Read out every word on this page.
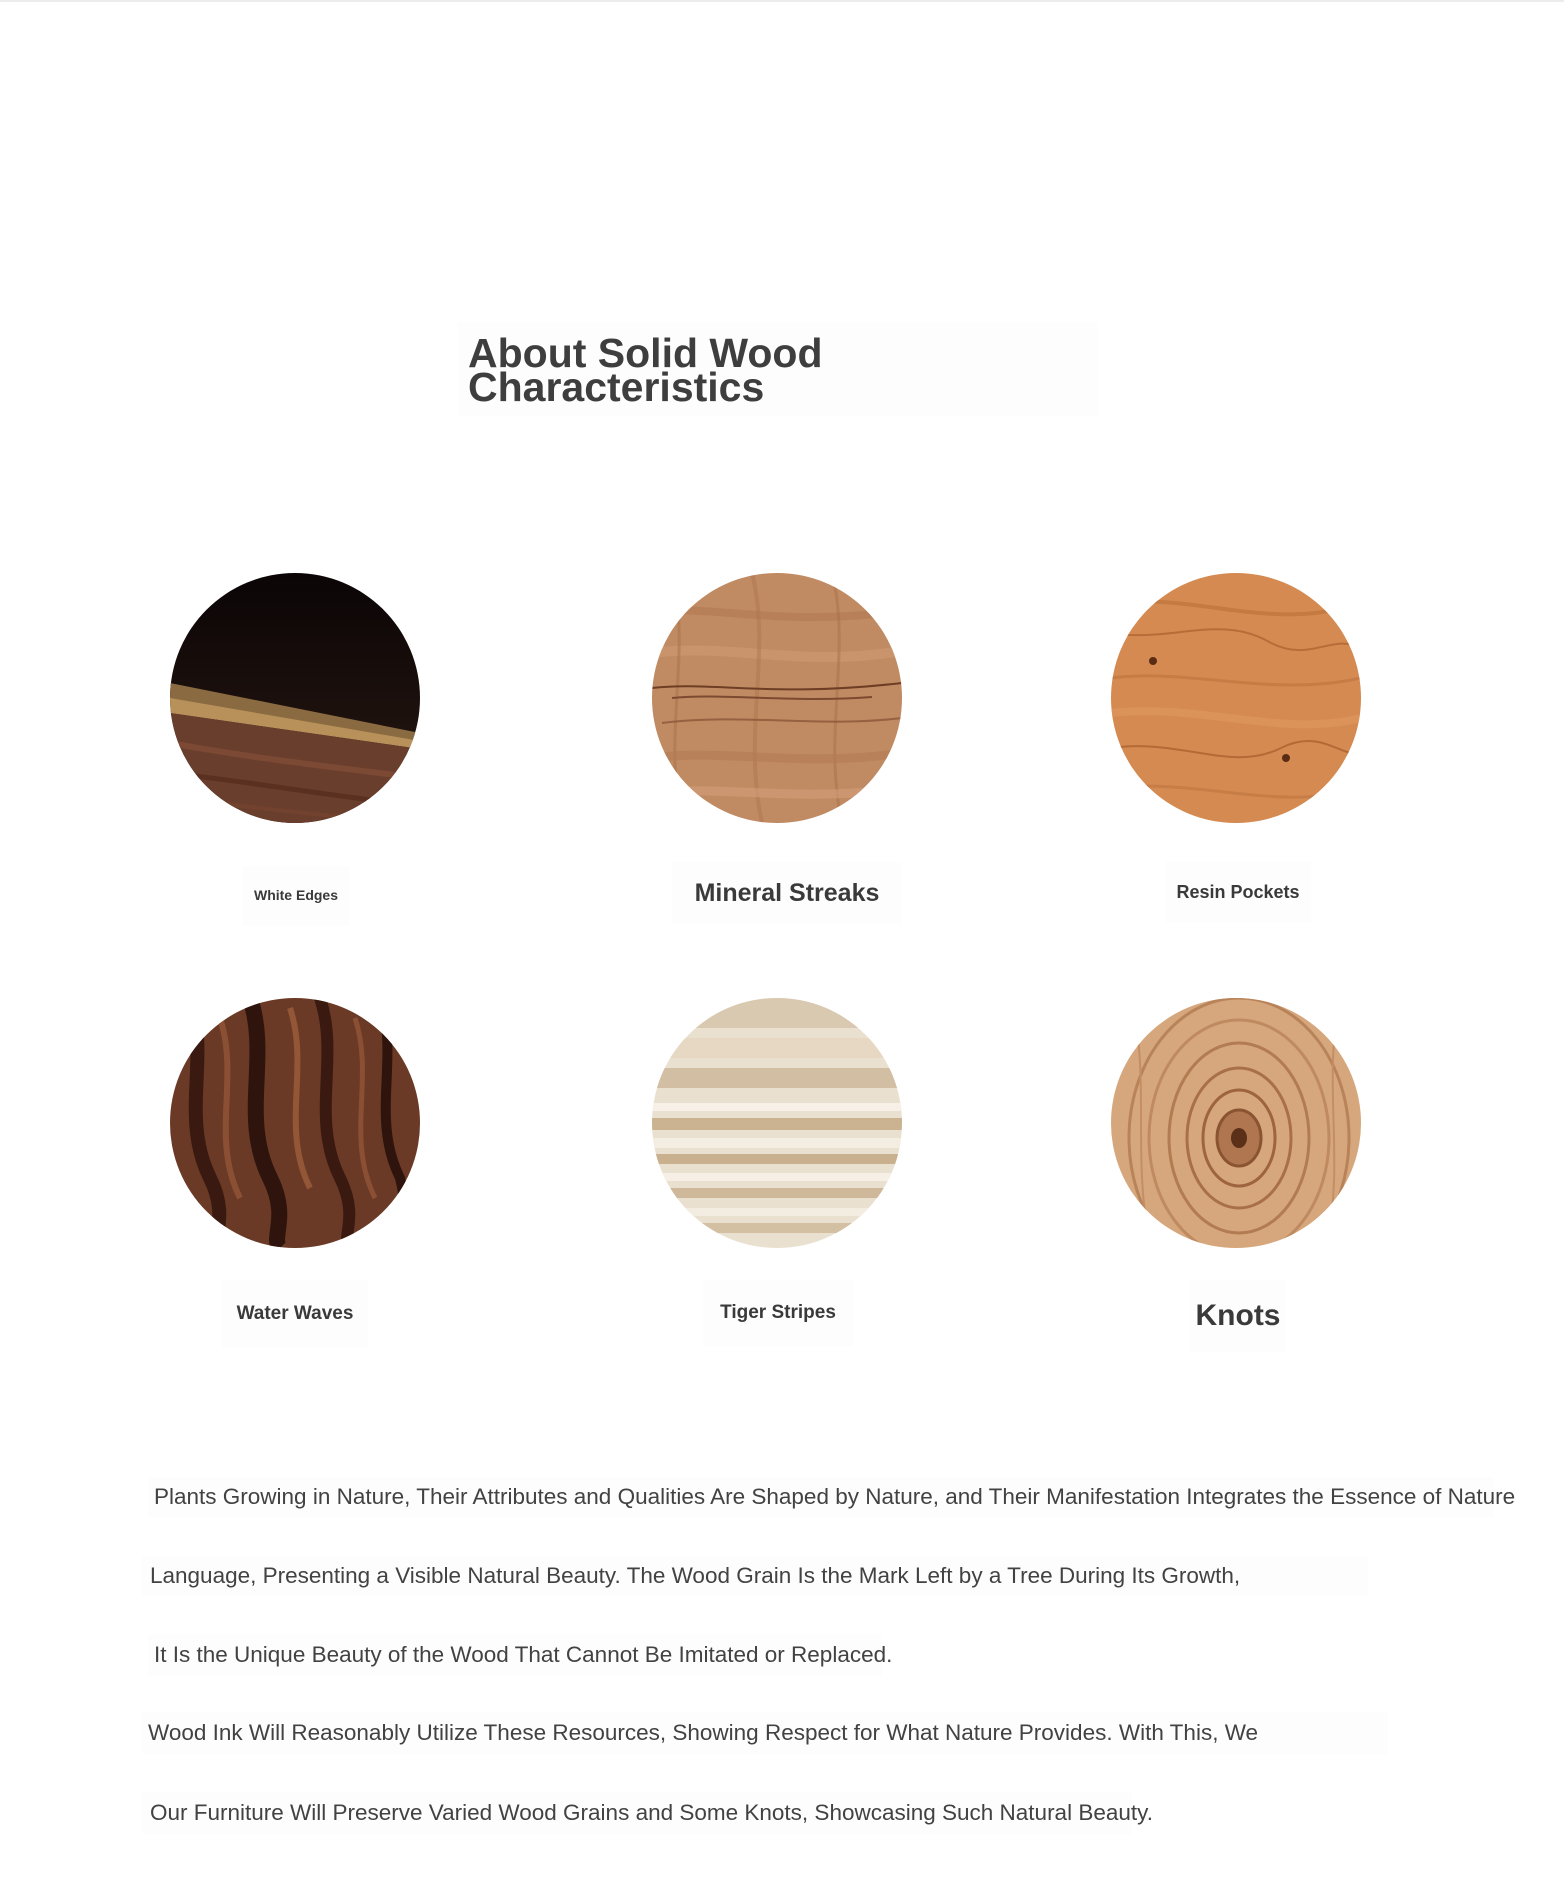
About Solid Wood
Characteristics
White Edges	Mineral Streaks	Resin Pockets
Water Waves	Tiger Stripes	Knots
Plants Growing in Nature, Their Attributes and Qualities Are Shaped by Nature, and Their Manifestation Integrates the Essence of Nature
Language, Presenting a Visible Natural Beauty. The Wood Grain Is the Mark Left by a Tree During Its Growth,
It Is the Unique Beauty of the Wood That Cannot Be Imitated or Replaced.
Wood Ink Will Reasonably Utilize These Resources, Showing Respect for What Nature Provides. With This, We
Our Furniture Will Preserve Varied Wood Grains and Some Knots, Showcasing Such Natural Beauty.
